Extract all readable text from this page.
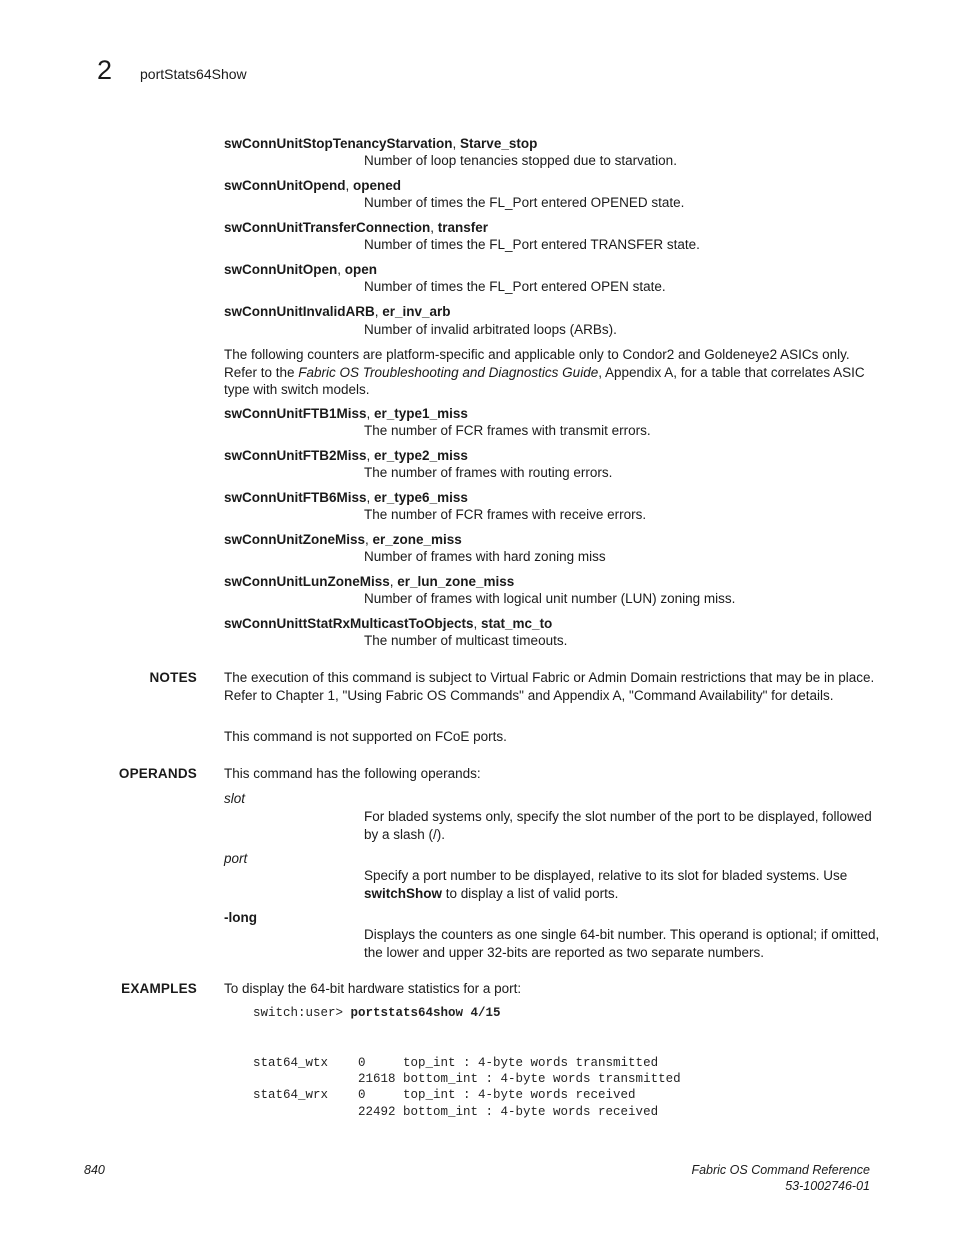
2 portStats64Show
swConnUnitStopTenancyStarvation, Starve_stop
Number of loop tenancies stopped due to starvation.
swConnUnitOpend, opened
Number of times the FL_Port entered OPENED state.
swConnUnitTransferConnection, transfer
Number of times the FL_Port entered TRANSFER state.
swConnUnitOpen, open
Number of times the FL_Port entered OPEN state.
swConnUnitInvalidARB, er_inv_arb
Number of invalid arbitrated loops (ARBs).
The following counters are platform-specific and applicable only to Condor2 and Goldeneye2 ASICs only. Refer to the Fabric OS Troubleshooting and Diagnostics Guide, Appendix A, for a table that correlates ASIC type with switch models.
swConnUnitFTB1Miss, er_type1_miss
The number of FCR frames with transmit errors.
swConnUnitFTB2Miss, er_type2_miss
The number of frames with routing errors.
swConnUnitFTB6Miss, er_type6_miss
The number of FCR frames with receive errors.
swConnUnitZoneMiss, er_zone_miss
Number of frames with hard zoning miss
swConnUnitLunZoneMiss, er_lun_zone_miss
Number of frames with logical unit number (LUN) zoning miss.
swConnUnittStatRxMulticastToObjects, stat_mc_to
The number of multicast timeouts.
NOTES The execution of this command is subject to Virtual Fabric or Admin Domain restrictions that may be in place. Refer to Chapter 1, "Using Fabric OS Commands" and Appendix A, "Command Availability" for details.
This command is not supported on FCoE ports.
OPERANDS This command has the following operands:
slot
For bladed systems only, specify the slot number of the port to be displayed, followed by a slash (/).
port
Specify a port number to be displayed, relative to its slot for bladed systems. Use switchShow to display a list of valid ports.
-long
Displays the counters as one single 64-bit number. This operand is optional; if omitted, the lower and upper 32-bits are reported as two separate numbers.
EXAMPLES To display the 64-bit hardware statistics for a port:
switch:user> portstats64show 4/15
stat64_wtx    0     top_int : 4-byte words transmitted
21618 bottom_int : 4-byte words transmitted
stat64_wrx    0     top_int : 4-byte words received
22492 bottom_int : 4-byte words received
840	Fabric OS Command Reference
53-1002746-01
